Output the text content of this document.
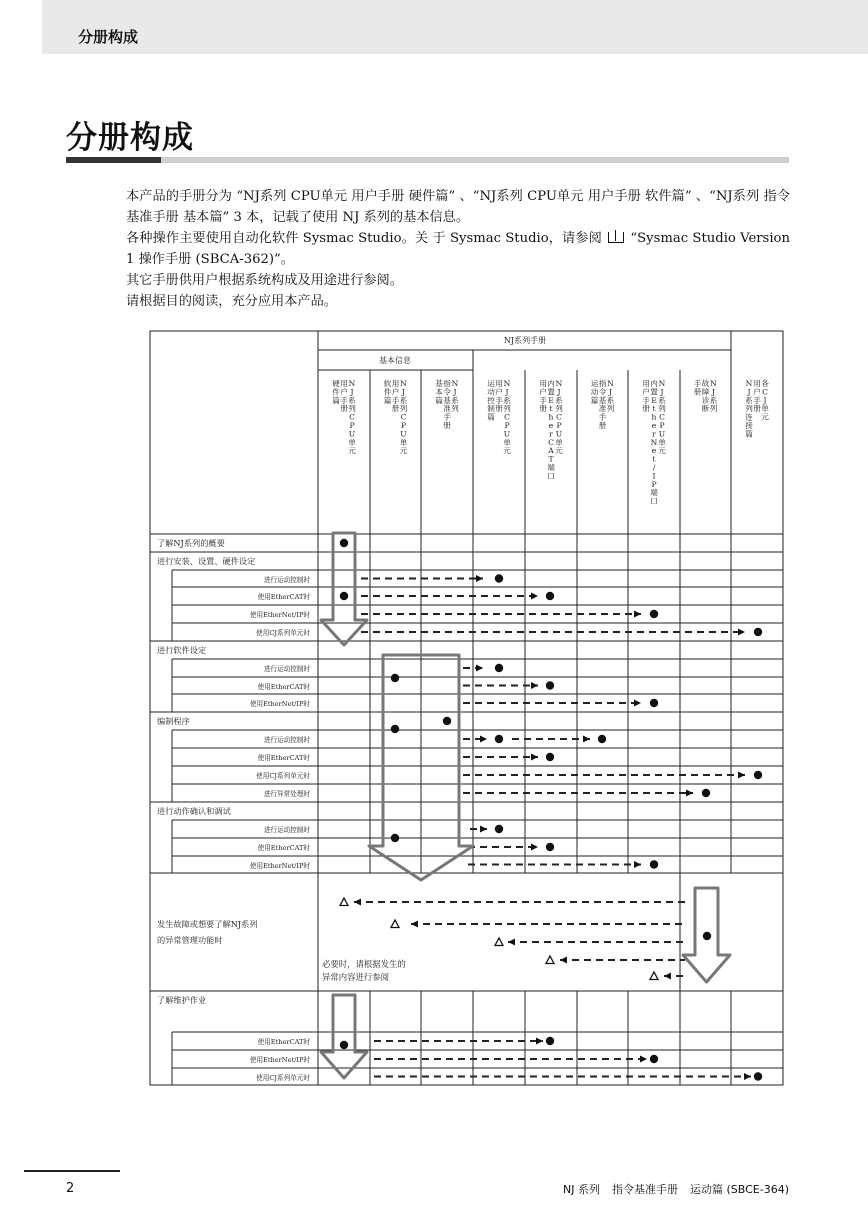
分册构成
分册构成

本产品的手册分为 “NJ系列 CPU单元 用户手册 硬件篇” 、“NJ系列 CPU单元 用户手册 软件篇” 、“NJ系列 指令基准手册 基本篇” 3 本，记载了使用 NJ 系列的基本信息。

各种操作主要使用自动化软件 Sysmac Studio。关 于 Sysmac Studio，请参阅 “Sysmac Studio Version 1 操作手册 (SBCA-362)”。

其它手册供用户根据系统构成及用途进行参阅。

请根据目的阅读，充分应用本产品。

NJ系列手册
基本信息
N
J
系
列
C
P
U
单
元
用
户
手
册
硬
件
篇
N
J
系
列
C
P
U
单
元
用
户
手
册
软
件
篇
N
J
系
列
指
令
基
准
手
册
基
本
篇
N
J
系
列
C
P
U
单
元
用
户
手
册
运
动
控
制
篇
N
J
系
列
C
P
U
单
元
内
置
E
t
h
e
r
C
A
T
端
口
用
户
手
册
N
J
系
列
指
令
基
准
手
册
运
动
篇
N
J
系
列
C
P
U
单
元
内
置
E
t
h
e
r
N
e
t
/
I
P
端
口
用
户
手
册
N
J
系
列
故
障
诊
断
手
册
各
C
J
单
元
用
户
手
册
N
J
系
列
连
接
篇
了解NJ系列的概要
进行安装、设置、硬件设定
进行运动控制时
使用EtherCAT时
使用EtherNet/IP时
使用CJ系列单元时
进行软件设定
进行运动控制时
使用EtherCAT时
使用EtherNet/IP时
编制程序
进行运动控制时
使用EtherCAT时
使用CJ系列单元时
进行异常处理时
进行动作确认和调试
进行运动控制时
使用EtherCAT时
使用EtherNet/IP时
发生故障或想要了解NJ系列
的异常管理功能时
了解维护作业
使用EtherCAT时
使用EtherNet/IP时
使用CJ系列单元时
必要时，请根据发生的
异常内容进行参阅
2	NJ 系列 指令基准手册 运动篇 (SBCE-364)
